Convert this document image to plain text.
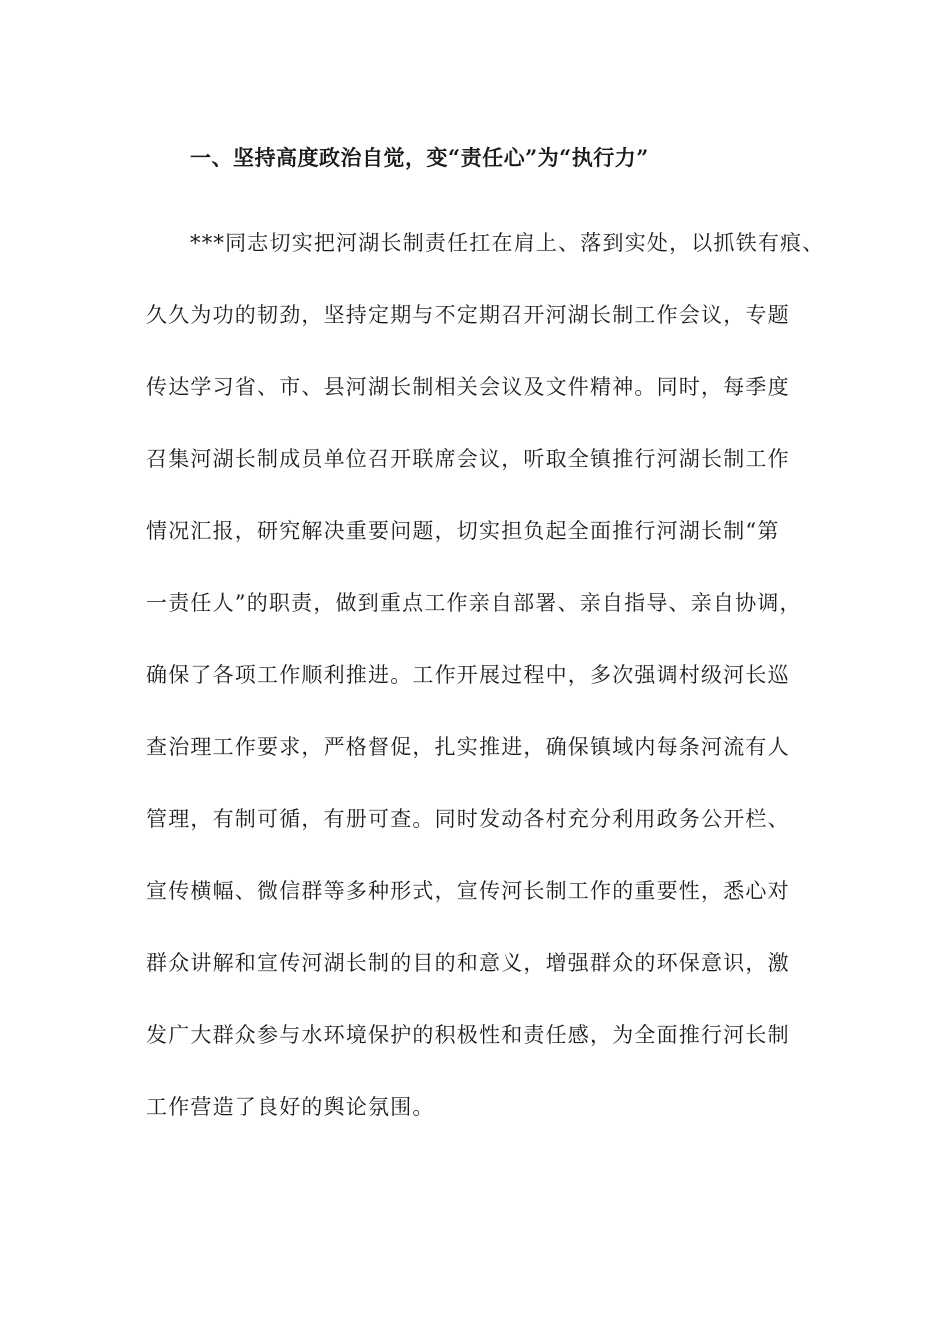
一、坚持高度政治自觉，变“责任心”为“执行力”
***同志切实把河湖长制责任扛在肩上、落到实处，以抓铁有痕、
久久为功的韧劲，坚持定期与不定期召开河湖长制工作会议，专题
传达学习省、市、县河湖长制相关会议及文件精神。同时，每季度
召集河湖长制成员单位召开联席会议，听取全镇推行河湖长制工作
情况汇报，研究解决重要问题，切实担负起全面推行河湖长制“第
一责任人”的职责，做到重点工作亲自部署、亲自指导、亲自协调，
确保了各项工作顺利推进。工作开展过程中，多次强调村级河长巡
查治理工作要求，严格督促，扎实推进，确保镇域内每条河流有人
管理，有制可循，有册可查。同时发动各村充分利用政务公开栏、
宣传横幅、微信群等多种形式，宣传河长制工作的重要性，悉心对
群众讲解和宣传河湖长制的目的和意义，增强群众的环保意识，激
发广大群众参与水环境保护的积极性和责任感，为全面推行河长制
工作营造了良好的舆论氛围。
